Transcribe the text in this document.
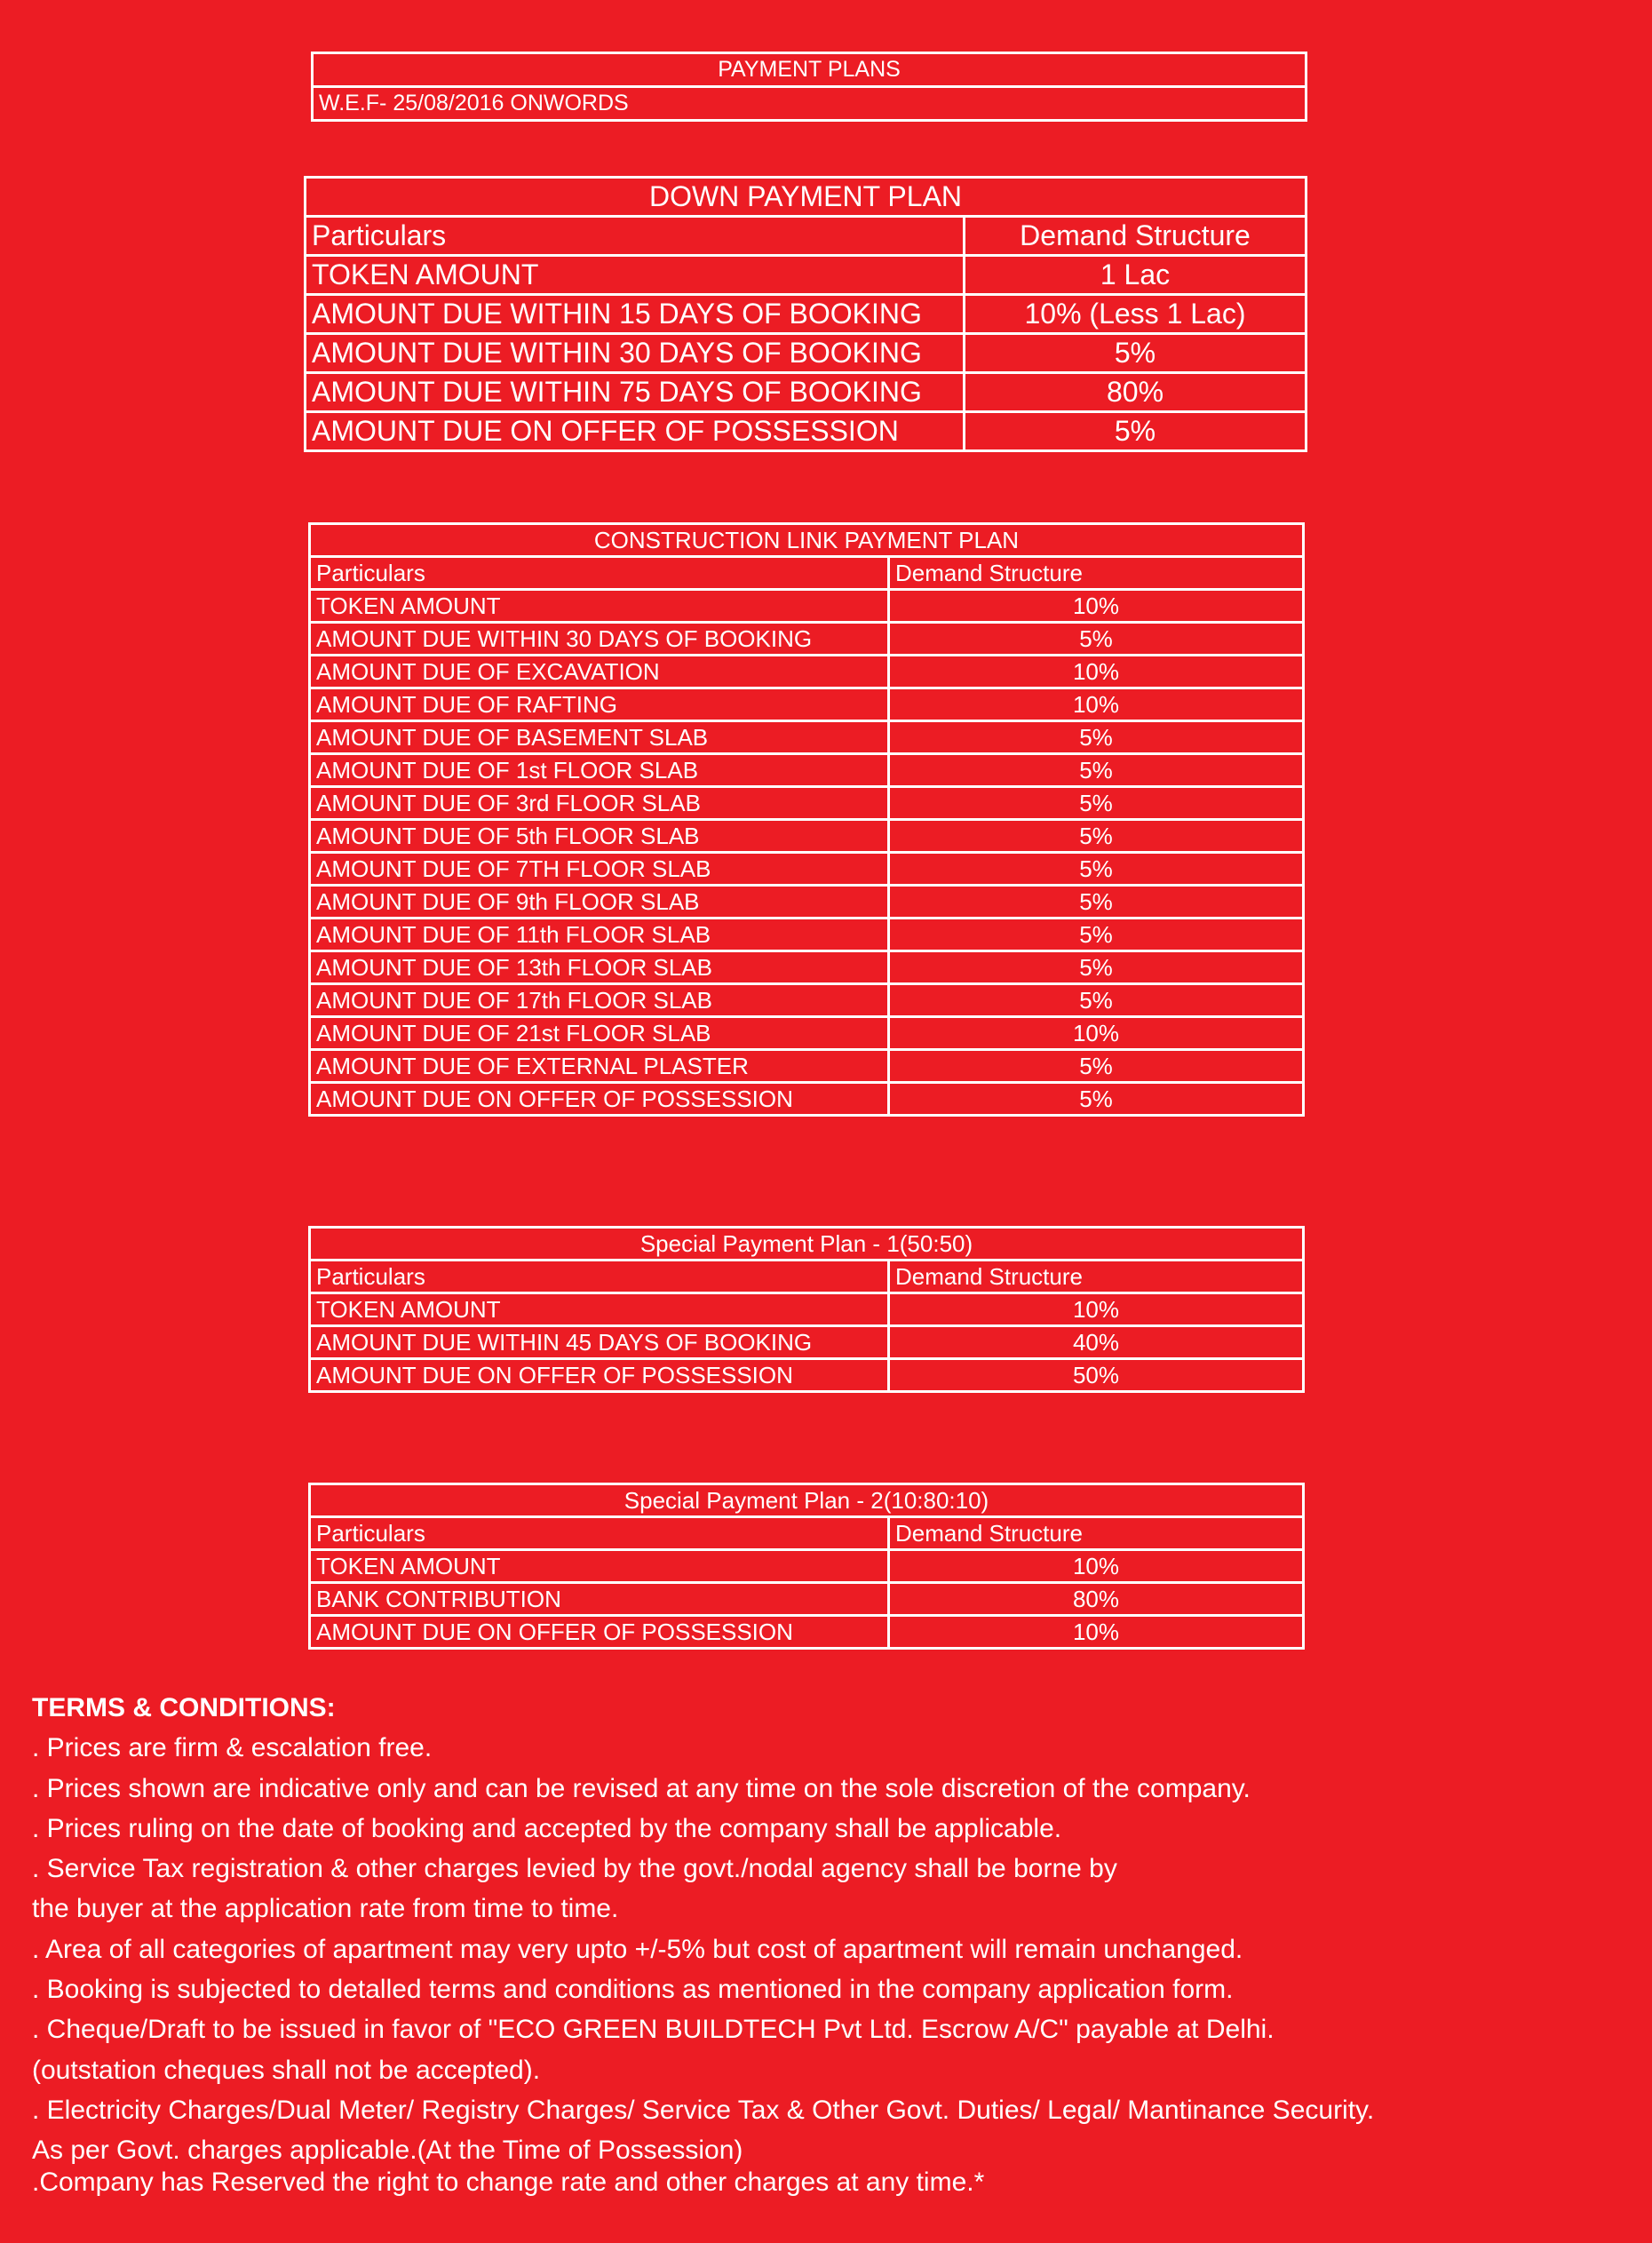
PAYMENT PLANS
W.E.F- 25/08/2016 ONWORDS
DOWN PAYMENT PLAN	
Particulars	Demand Structure
TOKEN AMOUNT	1 Lac
AMOUNT DUE WITHIN 15 DAYS OF BOOKING	10% (Less 1 Lac)
AMOUNT DUE WITHIN 30 DAYS OF BOOKING	5%
AMOUNT DUE WITHIN 75 DAYS OF BOOKING	80%
AMOUNT DUE ON OFFER OF POSSESSION	5%
CONSTRUCTION LINK PAYMENT PLAN	
Particulars	Demand Structure
TOKEN AMOUNT	10%
AMOUNT DUE WITHIN 30 DAYS OF BOOKING	5%
AMOUNT DUE OF EXCAVATION	10%
AMOUNT DUE OF RAFTING	10%
AMOUNT DUE OF BASEMENT SLAB	5%
AMOUNT DUE OF 1st FLOOR SLAB	5%
AMOUNT DUE OF 3rd FLOOR SLAB	5%
AMOUNT DUE OF 5th FLOOR SLAB	5%
AMOUNT DUE OF 7TH FLOOR SLAB	5%
AMOUNT DUE OF 9th FLOOR SLAB	5%
AMOUNT DUE OF 11th FLOOR SLAB	5%
AMOUNT DUE OF 13th FLOOR SLAB	5%
AMOUNT DUE OF 17th FLOOR SLAB	5%
AMOUNT DUE OF 21st FLOOR SLAB	10%
AMOUNT DUE OF EXTERNAL PLASTER	5%
AMOUNT DUE ON OFFER OF POSSESSION	5%
Special Payment Plan - 1(50:50)	
Particulars	Demand Structure
TOKEN AMOUNT	10%
AMOUNT DUE WITHIN 45 DAYS OF BOOKING	40%
AMOUNT DUE ON OFFER OF POSSESSION	50%
Special Payment Plan - 2(10:80:10)	
Particulars	Demand Structure
TOKEN AMOUNT	10%
BANK CONTRIBUTION	80%
AMOUNT DUE ON OFFER OF POSSESSION	10%

TERMS & CONDITIONS:

. Prices are firm & escalation free.

. Prices shown are indicative only and can be revised at any time on the sole discretion of the company.

. Prices ruling on the date of booking and accepted by the company shall be applicable.

. Service Tax registration & other charges levied by the govt./nodal agency shall be borne by

the buyer at the application rate from time to time.

. Area of all categories of apartment may very upto +/-5% but cost of apartment will remain unchanged.

. Booking is subjected to detalled terms and conditions as mentioned in the company application form.

. Cheque/Draft to be issued in favor of "ECO GREEN BUILDTECH Pvt Ltd. Escrow A/C" payable at Delhi.

(outstation cheques shall not be accepted).

. Electricity Charges/Dual Meter/ Registry Charges/ Service Tax & Other Govt. Duties/ Legal/ Mantinance Security.

As per Govt. charges applicable.(At the Time of Possession)

.Company has Reserved the right to change rate and other charges at any time.*
